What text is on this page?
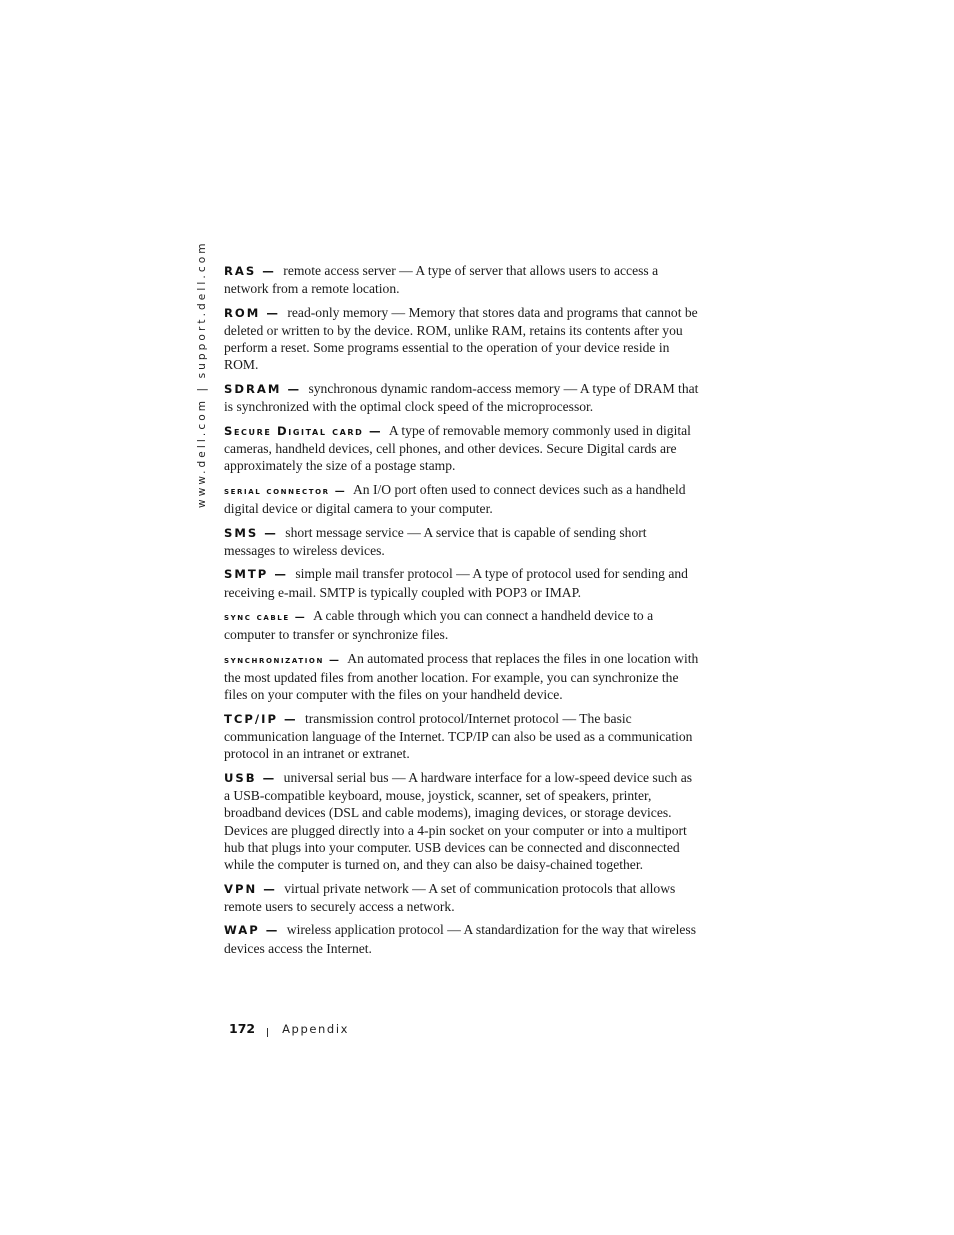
www.dell.com | support.dell.com	RAS — remote access server — A type of server that allows users to access a network from a remote location.

ROM — read-only memory — Memory that stores data and programs that cannot be deleted or written to by the device. ROM, unlike RAM, retains its contents after you perform a reset. Some programs essential to the operation of your device reside in ROM.

SDRAM — synchronous dynamic random-access memory — A type of DRAM that is synchronized with the optimal clock speed of the microprocessor.

Secure Digital card — A type of removable memory commonly used in digital cameras, handheld devices, cell phones, and other devices. Secure Digital cards are approximately the size of a postage stamp.

serial connector — An I/O port often used to connect devices such as a handheld digital device or digital camera to your computer.

SMS — short message service — A service that is capable of sending short messages to wireless devices.

SMTP — simple mail transfer protocol — A type of protocol used for sending and receiving e-mail. SMTP is typically coupled with POP3 or IMAP.

sync cable — A cable through which you can connect a handheld device to a computer to transfer or synchronize files.

synchronization — An automated process that replaces the files in one location with the most updated files from another location. For example, you can synchronize the files on your computer with the files on your handheld device.

TCP/IP — transmission control protocol/Internet protocol — The basic communication language of the Internet. TCP/IP can also be used as a communication protocol in an intranet or extranet.

USB — universal serial bus — A hardware interface for a low-speed device such as a USB-compatible keyboard, mouse, joystick, scanner, set of speakers, printer, broadband devices (DSL and cable modems), imaging devices, or storage devices. Devices are plugged directly into a 4-pin socket on your computer or into a multiport hub that plugs into your computer. USB devices can be connected and disconnected while the computer is turned on, and they can also be daisy-chained together.

VPN — virtual private network — A set of communication protocols that allows remote users to securely access a network.

WAP — wireless application protocol — A standardization for the way that wireless devices access the Internet.

172 Appendix
